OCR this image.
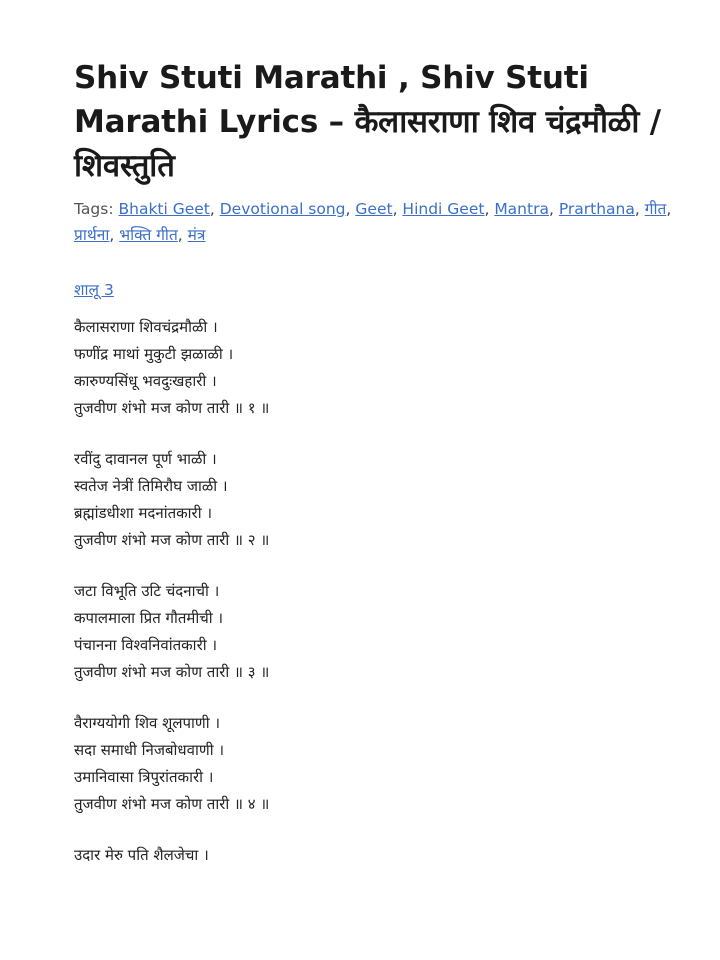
Shiv Stuti Marathi , Shiv Stuti Marathi Lyrics – कैलासराणा शिव चंद्रमौळी / शिवस्तुति
Tags: Bhakti Geet, Devotional song, Geet, Hindi Geet, Mantra, Prarthana, गीत, प्रार्थना, भक्ति गीत, मंत्र
शालू 3
कैलासराणा शिवचंद्रमौळी ।
फणींद्र माथां मुकुटी झळाळी ।
कारुण्यसिंधू भवदुःखहारी ।
तुजवीण शंभो मज कोण तारी ॥ १ ॥
रवींदु दावानल पूर्ण भाळी ।
स्वतेज नेत्रीं तिमिरौघ जाळी ।
ब्रह्मांडधीशा मदनांतकारी ।
तुजवीण शंभो मज कोण तारी ॥ २ ॥
जटा विभूति उटि चंदनाची ।
कपालमाला प्रित गौतमीची ।
पंचानना विश्वनिवांतकारी ।
तुजवीण शंभो मज कोण तारी ॥ ३ ॥
वैराग्ययोगी शिव शूलपाणी ।
सदा समाधी निजबोधवाणी ।
उमानिवासा त्रिपुरांतकारी ।
तुजवीण शंभो मज कोण तारी ॥ ४ ॥
उदार मेरु पति शैलजेचा ।
